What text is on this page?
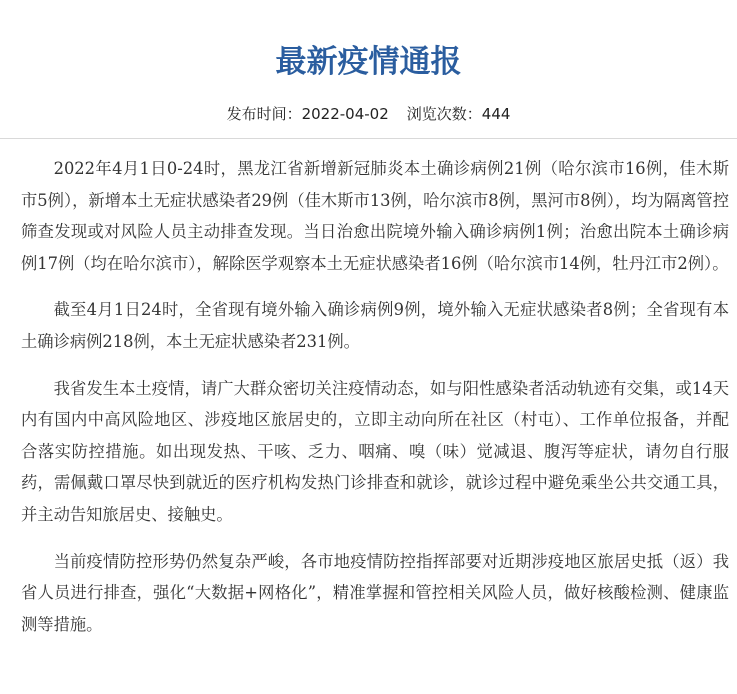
最新疫情通报
发布时间：2022-04-02 浏览次数：444

2022年4月1日0-24时，黑龙江省新增新冠肺炎本土确诊病例21例（哈尔滨市16例，佳木斯市5例），新增本土无症状感染者29例（佳木斯市13例，哈尔滨市8例，黑河市8例），均为隔离管控筛查发现或对风险人员主动排查发现。当日治愈出院境外输入确诊病例1例；治愈出院本土确诊病例17例（均在哈尔滨市），解除医学观察本土无症状感染者16例（哈尔滨市14例，牡丹江市2例）。

截至4月1日24时，全省现有境外输入确诊病例9例，境外输入无症状感染者8例；全省现有本土确诊病例218例，本土无症状感染者231例。

我省发生本土疫情，请广大群众密切关注疫情动态，如与阳性感染者活动轨迹有交集，或14天内有国内中高风险地区、涉疫地区旅居史的，立即主动向所在社区（村屯）、工作单位报备，并配合落实防控措施。如出现发热、干咳、乏力、咽痛、嗅（味）觉减退、腹泻等症状，请勿自行服药，需佩戴口罩尽快到就近的医疗机构发热门诊排查和就诊，就诊过程中避免乘坐公共交通工具，并主动告知旅居史、接触史。

当前疫情防控形势仍然复杂严峻，各市地疫情防控指挥部要对近期涉疫地区旅居史抵（返）我省人员进行排查，强化“大数据+网格化”，精准掌握和管控相关风险人员，做好核酸检测、健康监测等措施。
